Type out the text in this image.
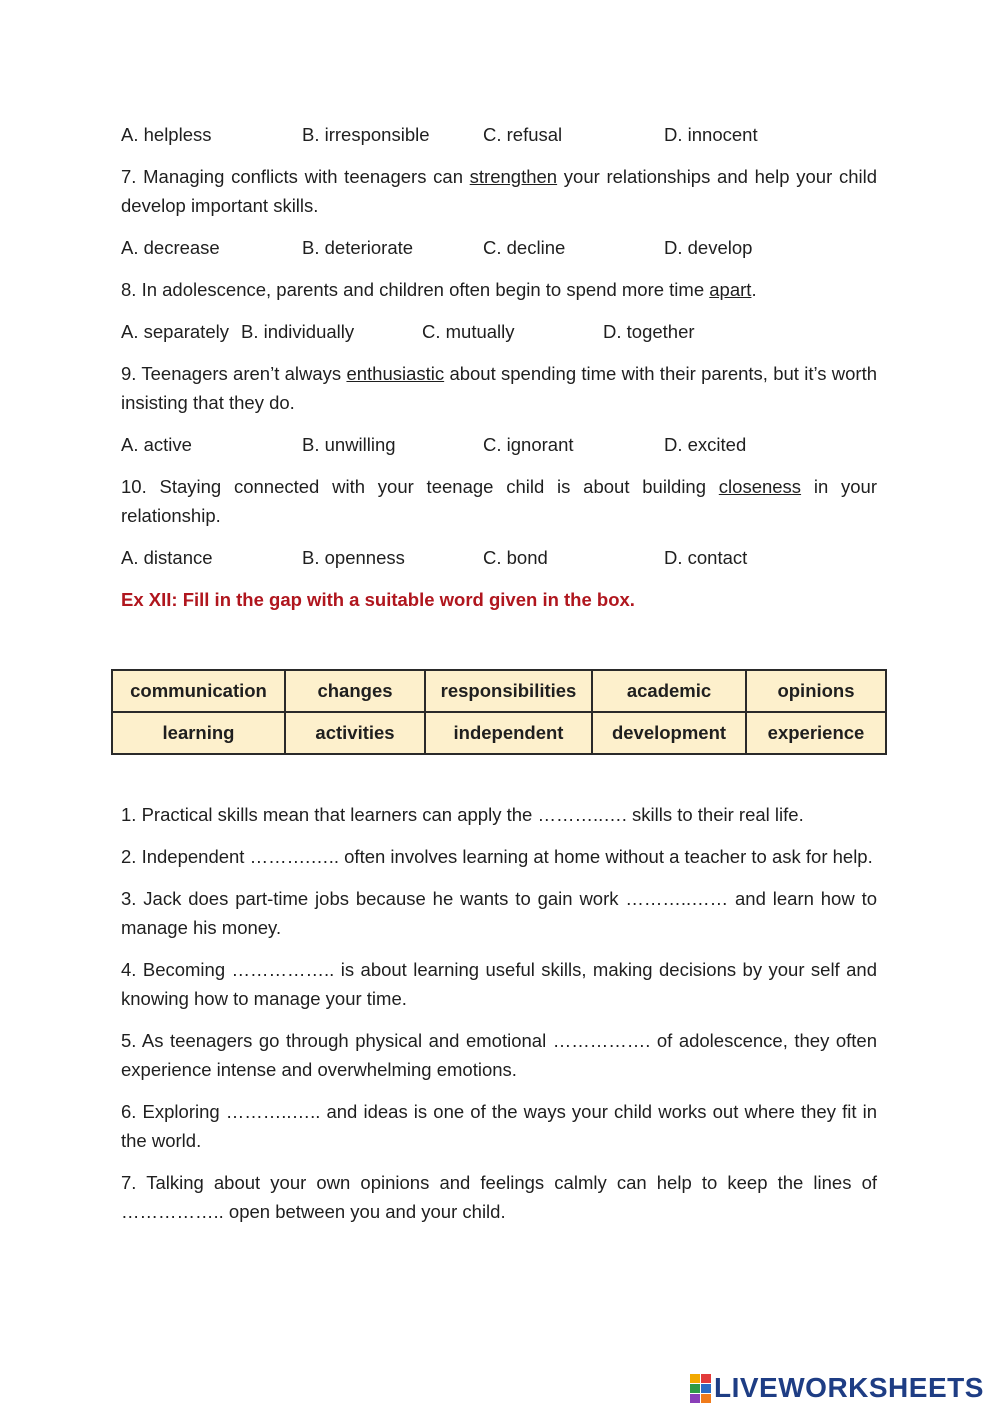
A. helpless	B. irresponsible	C. refusal	D. innocent
7. Managing conflicts with teenagers can strengthen your relationships and help your child develop important skills.
A. decrease	B. deteriorate	C. decline	D. develop
8. In adolescence, parents and children often begin to spend more time apart.
A. separately B. individually	C. mutually	D. together
9. Teenagers aren’t always enthusiastic about spending time with their parents, but it’s worth insisting that they do.
A. active	B. unwilling	C. ignorant	D. excited
10. Staying connected with your teenage child is about building closeness in your relationship.
A. distance	B. openness	C. bond	D. contact
Ex XII: Fill in the gap with a suitable word given in the box.
communication	changes	responsibilities	academic	opinions
learning	activities	independent	development	experience
1. Practical skills mean that learners can apply the ………..…. skills to their real life.
2. Independent ……….….. often involves learning at home without a teacher to ask for help.
3. Jack does part-time jobs because he wants to gain work ………..…… and learn how to manage his money.
4. Becoming …………….. is about learning useful skills, making decisions by your self and knowing how to manage your time.
5. As teenagers go through physical and emotional ……………. of adolescence, they often experience intense and overwhelming emotions.
6. Exploring ………..….. and ideas is one of the ways your child works out where they fit in the world.
7. Talking about your own opinions and feelings calmly can help to keep the lines of …………….. open between you and your child.
LIVEWORKSHEETS
